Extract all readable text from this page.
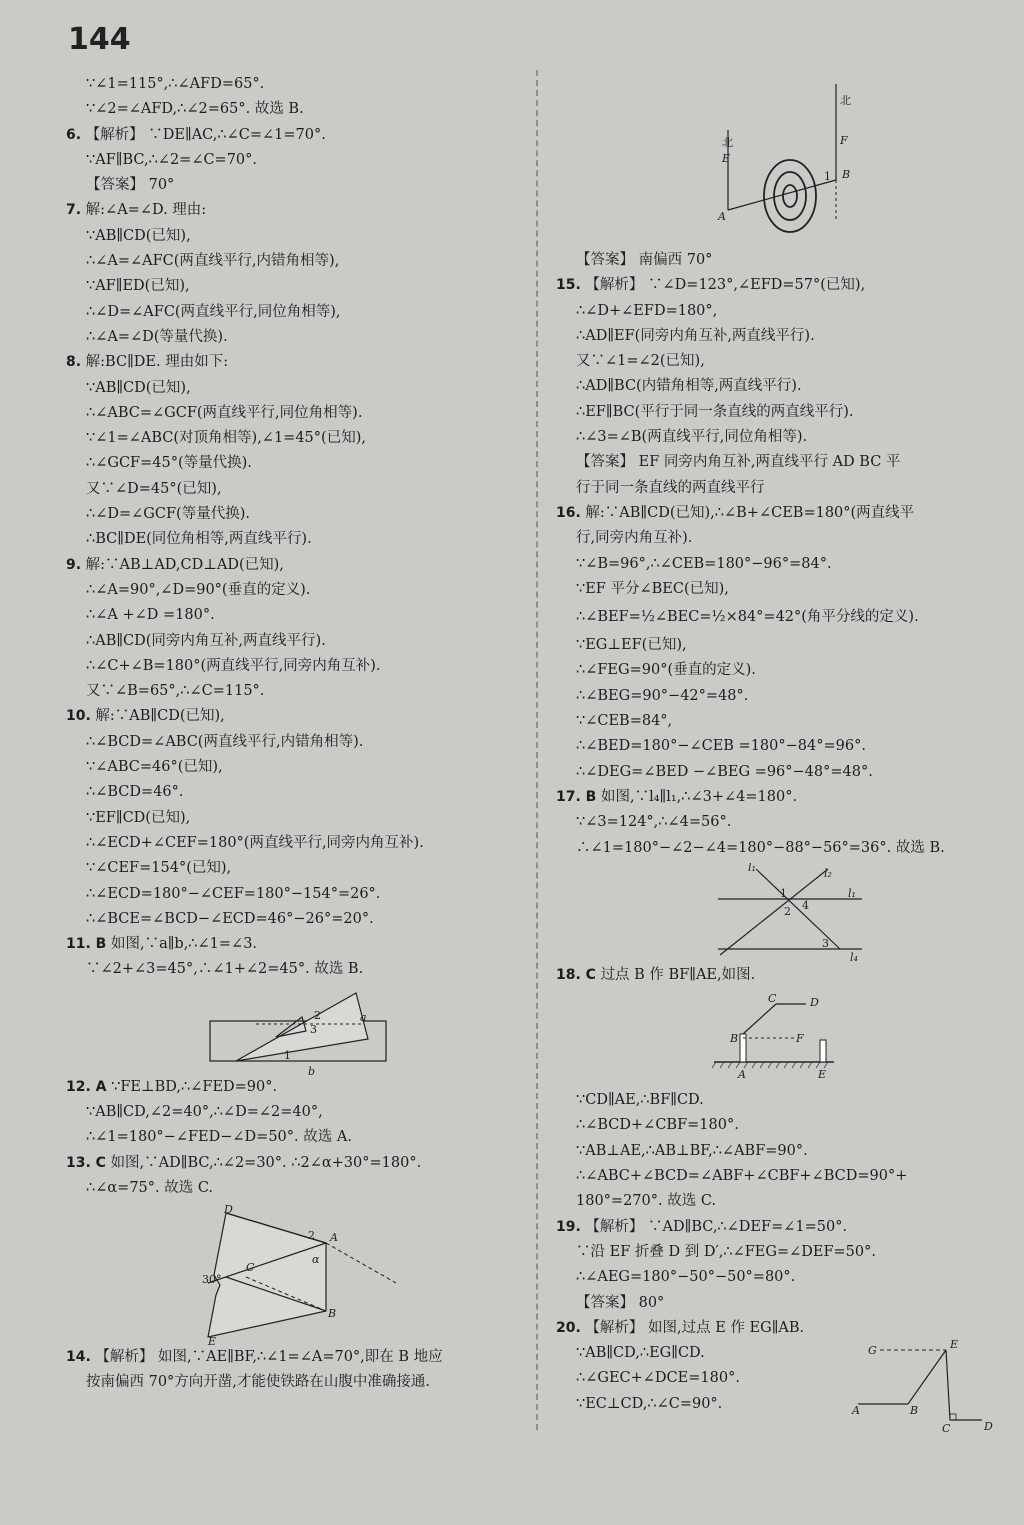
144
∵∠1=115°,∴∠AFD=65°.
∵∠2=∠AFD,∴∠2=65°. 故选 B.
6. 【解析】 ∵DE∥AC,∴∠C=∠1=70°.
∵AF∥BC,∴∠2=∠C=70°.
【答案】 70°
7. 解:∠A=∠D. 理由:
∵AB∥CD(已知),
∴∠A=∠AFC(两直线平行,内错角相等),
∵AF∥ED(已知),
∴∠D=∠AFC(两直线平行,同位角相等),
∴∠A=∠D(等量代换).
8. 解:BC∥DE. 理由如下:
∵AB∥CD(已知),
∴∠ABC=∠GCF(两直线平行,同位角相等).
∵∠1=∠ABC(对顶角相等),∠1=45°(已知),
∴∠GCF=45°(等量代换).
又∵∠D=45°(已知),
∴∠D=∠GCF(等量代换).
∴BC∥DE(同位角相等,两直线平行).
9. 解:∵AB⊥AD,CD⊥AD(已知),
∴∠A=90°,∠D=90°(垂直的定义).
∴∠A +∠D =180°.
∴AB∥CD(同旁内角互补,两直线平行).
∴∠C+∠B=180°(两直线平行,同旁内角互补).
又∵∠B=65°,∴∠C=115°.
10. 解:∵AB∥CD(已知),
∴∠BCD=∠ABC(两直线平行,内错角相等).
∵∠ABC=46°(已知),
∴∠BCD=46°.
∵EF∥CD(已知),
∴∠ECD+∠CEF=180°(两直线平行,同旁内角互补).
∵∠CEF=154°(已知),
∴∠ECD=180°−∠CEF=180°−154°=26°.
∴∠BCE=∠BCD−∠ECD=46°−26°=20°.
11. B 如图,∵a∥b,∴∠1=∠3.
∵∠2+∠3=45°,∴∠1+∠2=45°. 故选 B.
2
3
a
1
b
12. A ∵FE⊥BD,∴∠FED=90°.
∵AB∥CD,∠2=40°,∴∠D=∠2=40°,
∴∠1=180°−∠FED−∠D=50°. 故选 A.
13. C 如图,∵AD∥BC,∴∠2=30°. ∴2∠α+30°=180°.
∴∠α=75°. 故选 C.
D
2 A
C
α
30°
B
E
14. 【解析】 如图,∵AE∥BF,∴∠1=∠A=70°,即在 B 地应
按南偏西 70°方向开凿,才能使铁路在山腹中准确接通.
北
北
E
F
1 B
A
【答案】 南偏西 70°
15. 【解析】 ∵∠D=123°,∠EFD=57°(已知),
∴∠D+∠EFD=180°,
∴AD∥EF(同旁内角互补,两直线平行).
又∵∠1=∠2(已知),
∴AD∥BC(内错角相等,两直线平行).
∴EF∥BC(平行于同一条直线的两直线平行).
∴∠3=∠B(两直线平行,同位角相等).
【答案】 EF 同旁内角互补,两直线平行 AD BC 平
行于同一条直线的两直线平行
16. 解:∵AB∥CD(已知),∴∠B+∠CEB=180°(两直线平
行,同旁内角互补).
∵∠B=96°,∴∠CEB=180°−96°=84°.
∵EF 平分∠BEC(已知),
∴∠BEF=½∠BEC=½×84°=42°(角平分线的定义).
∵EG⊥EF(已知),
∴∠FEG=90°(垂直的定义).
∴∠BEG=90°−42°=48°.
∵∠CEB=84°,
∴∠BED=180°−∠CEB =180°−84°=96°.
∴∠DEG=∠BED −∠BEG =96°−48°=48°.
17. B 如图,∵l₄∥l₁,∴∠3+∠4=180°.
∵∠3=124°,∴∠4=56°.
∴∠1=180°−∠2−∠4=180°−88°−56°=36°. 故选 B.
l₁	l₂
l₁
1
4
2
3
l₄
18. C 过点 B 作 BF∥AE,如图.
C	D
B	F
A	E
∵CD∥AE,∴BF∥CD.
∴∠BCD+∠CBF=180°.
∵AB⊥AE,∴AB⊥BF,∴∠ABF=90°.
∴∠ABC+∠BCD=∠ABF+∠CBF+∠BCD=90°+
180°=270°. 故选 C.
19. 【解析】 ∵AD∥BC,∴∠DEF=∠1=50°.
∵沿 EF 折叠 D 到 D′,∴∠FEG=∠DEF=50°.
∴∠AEG=180°−50°−50°=80°.
【答案】 80°
20. 【解析】 如图,过点 E 作 EG∥AB.
∵AB∥CD,∴EG∥CD.
∴∠GEC+∠DCE=180°.
∵EC⊥CD,∴∠C=90°.
G	E
A	B
C	D
